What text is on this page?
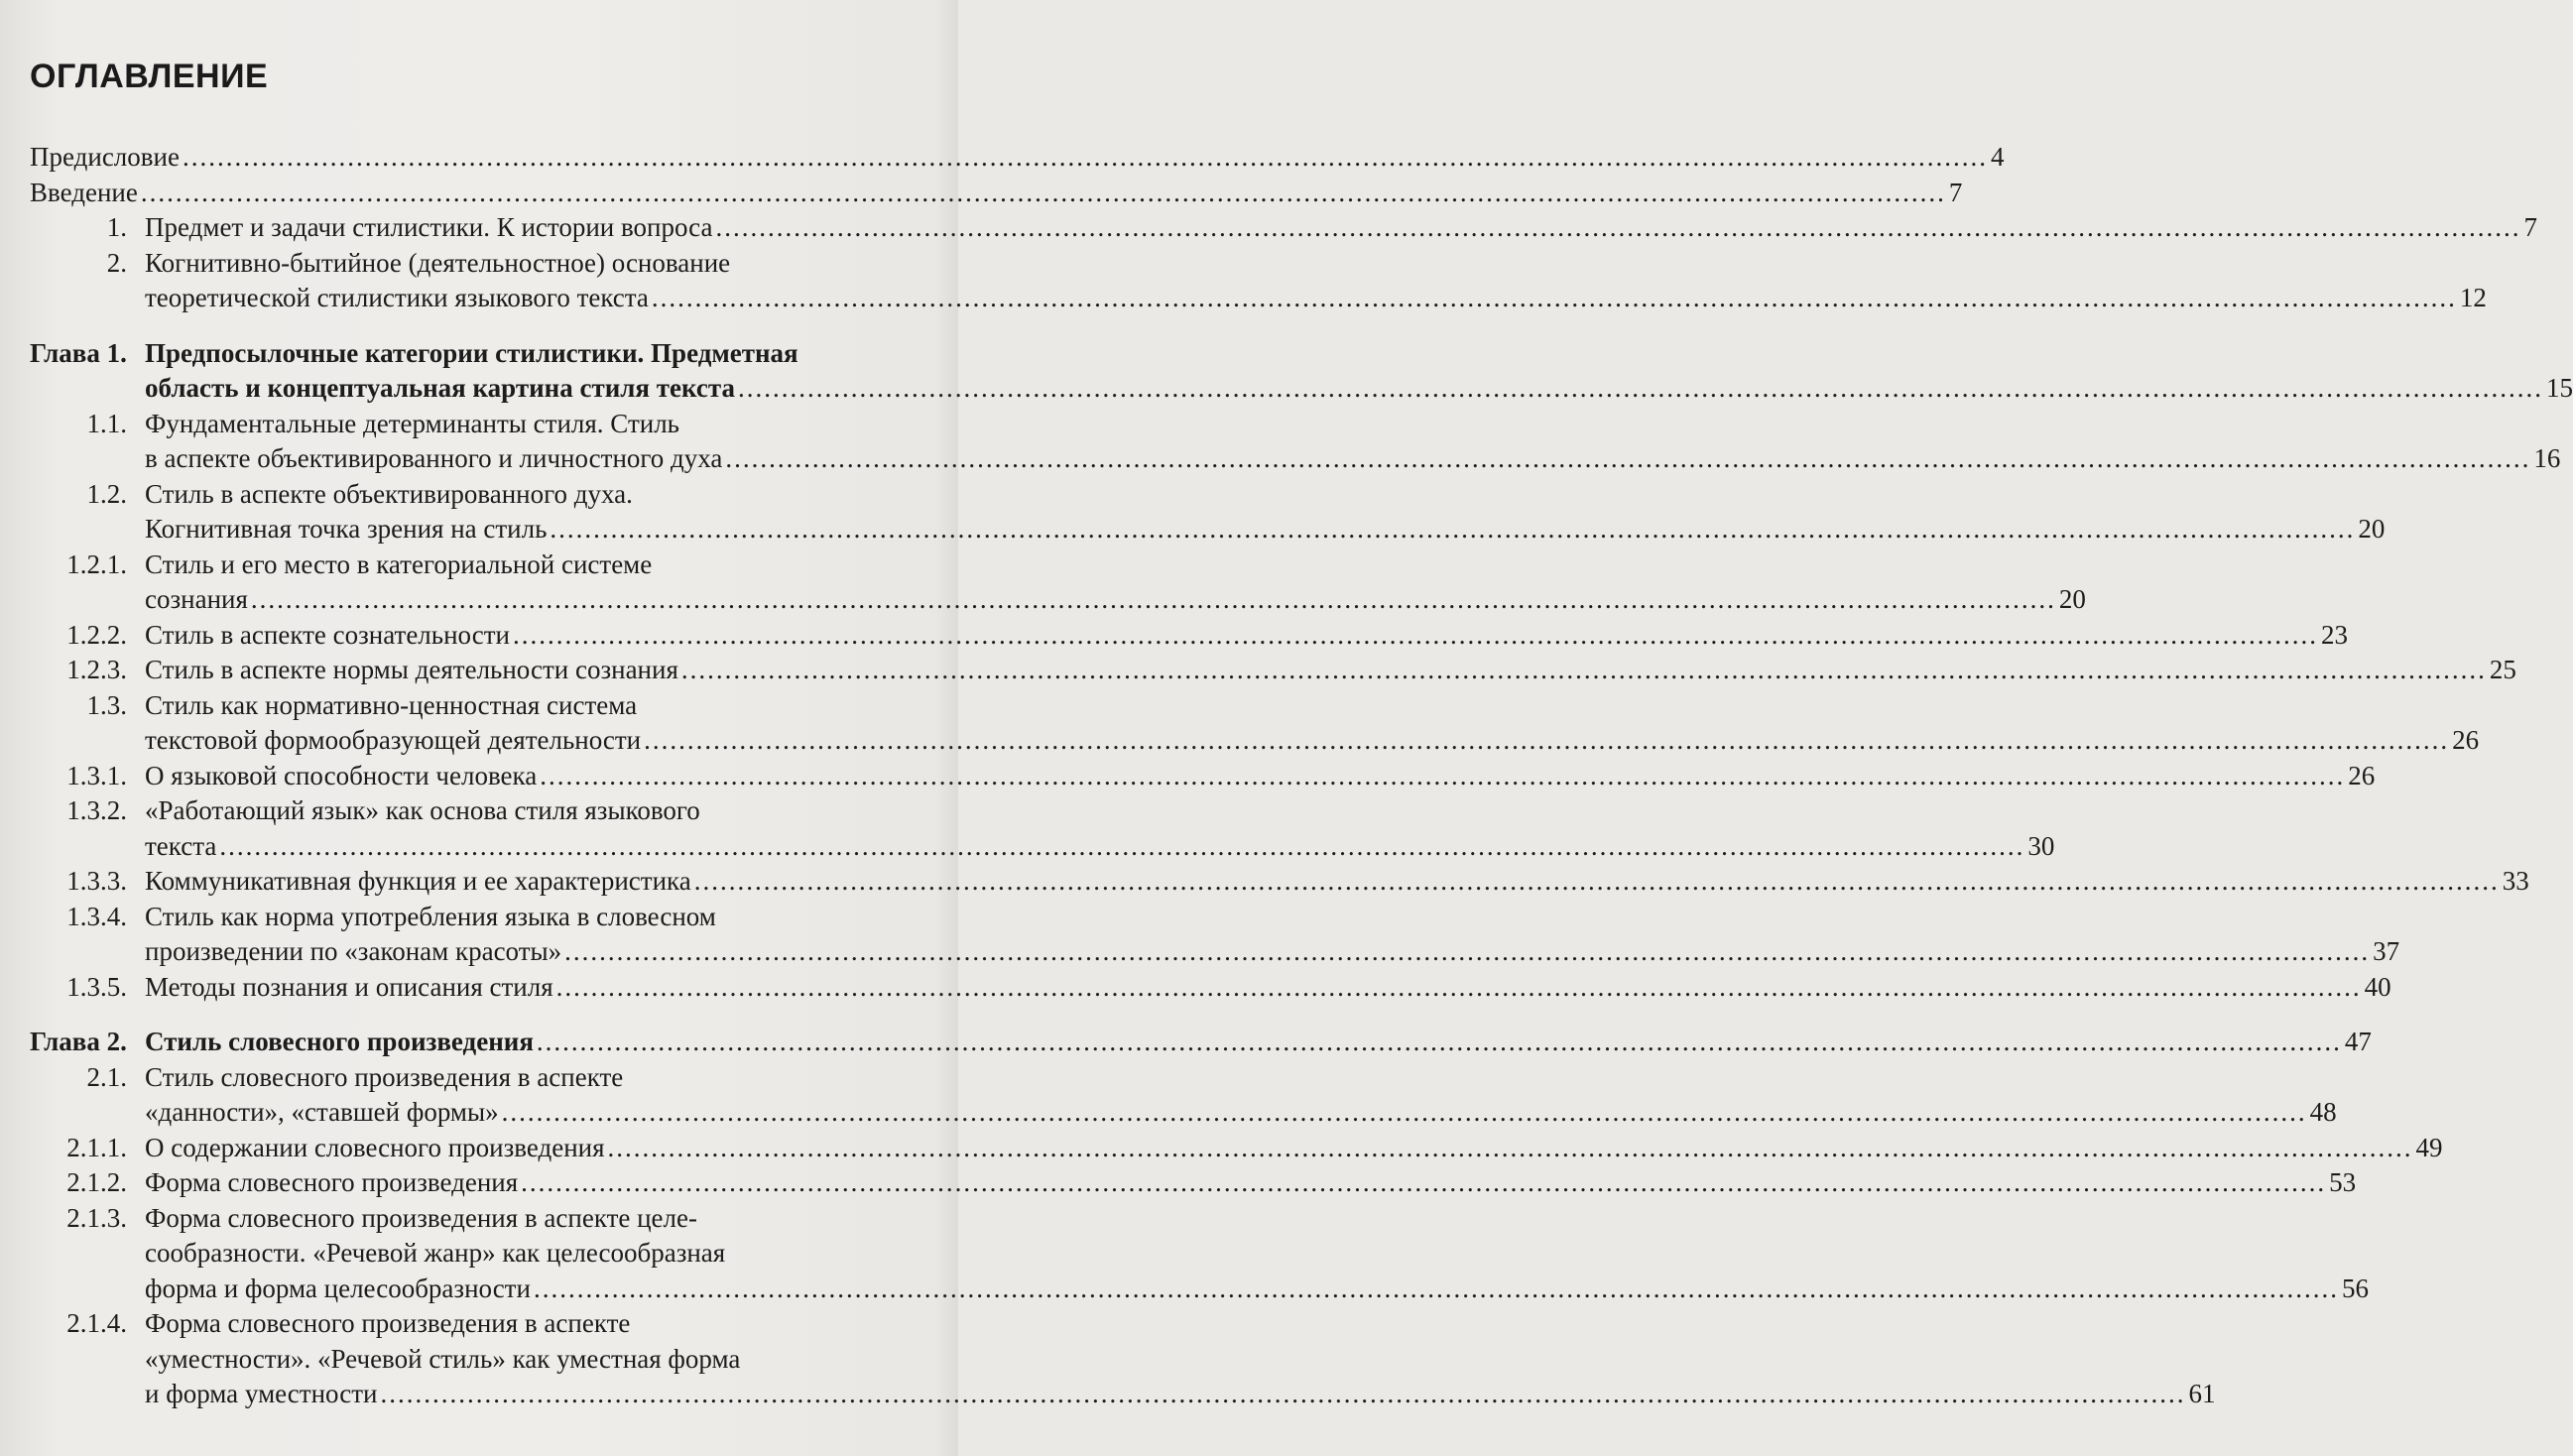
ОГЛАВЛЕНИЕ
Предисловие .....	4
Введение .....	7
1. Предмет и задачи стилистики. К истории вопроса .....	7
2. Когнитивно-бытийное (деятельностное) основание
теоретической стилистики языкового текста .....	12
Глава 1. Предпосылочные категории стилистики. Предметная
область и концептуальная картина стиля текста .....	15
1.1. Фундаментальные детерминанты стиля. Стиль
в аспекте объективированного и личностного духа .....	16
1.2. Стиль в аспекте объективированного духа.
Когнитивная точка зрения на стиль .....	20
1.2.1. Стиль и его место в категориальной системе
сознания .....	20
1.2.2. Стиль в аспекте сознательности .....	23
1.2.3. Стиль в аспекте нормы деятельности сознания .....	25
1.3. Стиль как нормативно-ценностная система
текстовой формообразующей деятельности .....	26
1.3.1. О языковой способности человека .....	26
1.3.2. «Работающий язык» как основа стиля языкового
текста .....	30
1.3.3. Коммуникативная функция и ее характеристика .....	33
1.3.4. Стиль как норма употребления языка в словесном
произведении по «законам красоты» .....	37
1.3.5. Методы познания и описания стиля .....	40
Глава 2. Стиль словесного произведения .....	47
2.1. Стиль словесного произведения в аспекте
«данности», «ставшей формы» .....	48
2.1.1. О содержании словесного произведения .....	49
2.1.2. Форма словесного произведения .....	53
2.1.3. Форма словесного произведения в аспекте целе-
сообразности. «Речевой жанр» как целесообразная
форма и форма целесообразности .....	56
2.1.4. Форма словесного произведения в аспекте
«уместности». «Речевой стиль» как уместная форма
и форма уместности .....	61
